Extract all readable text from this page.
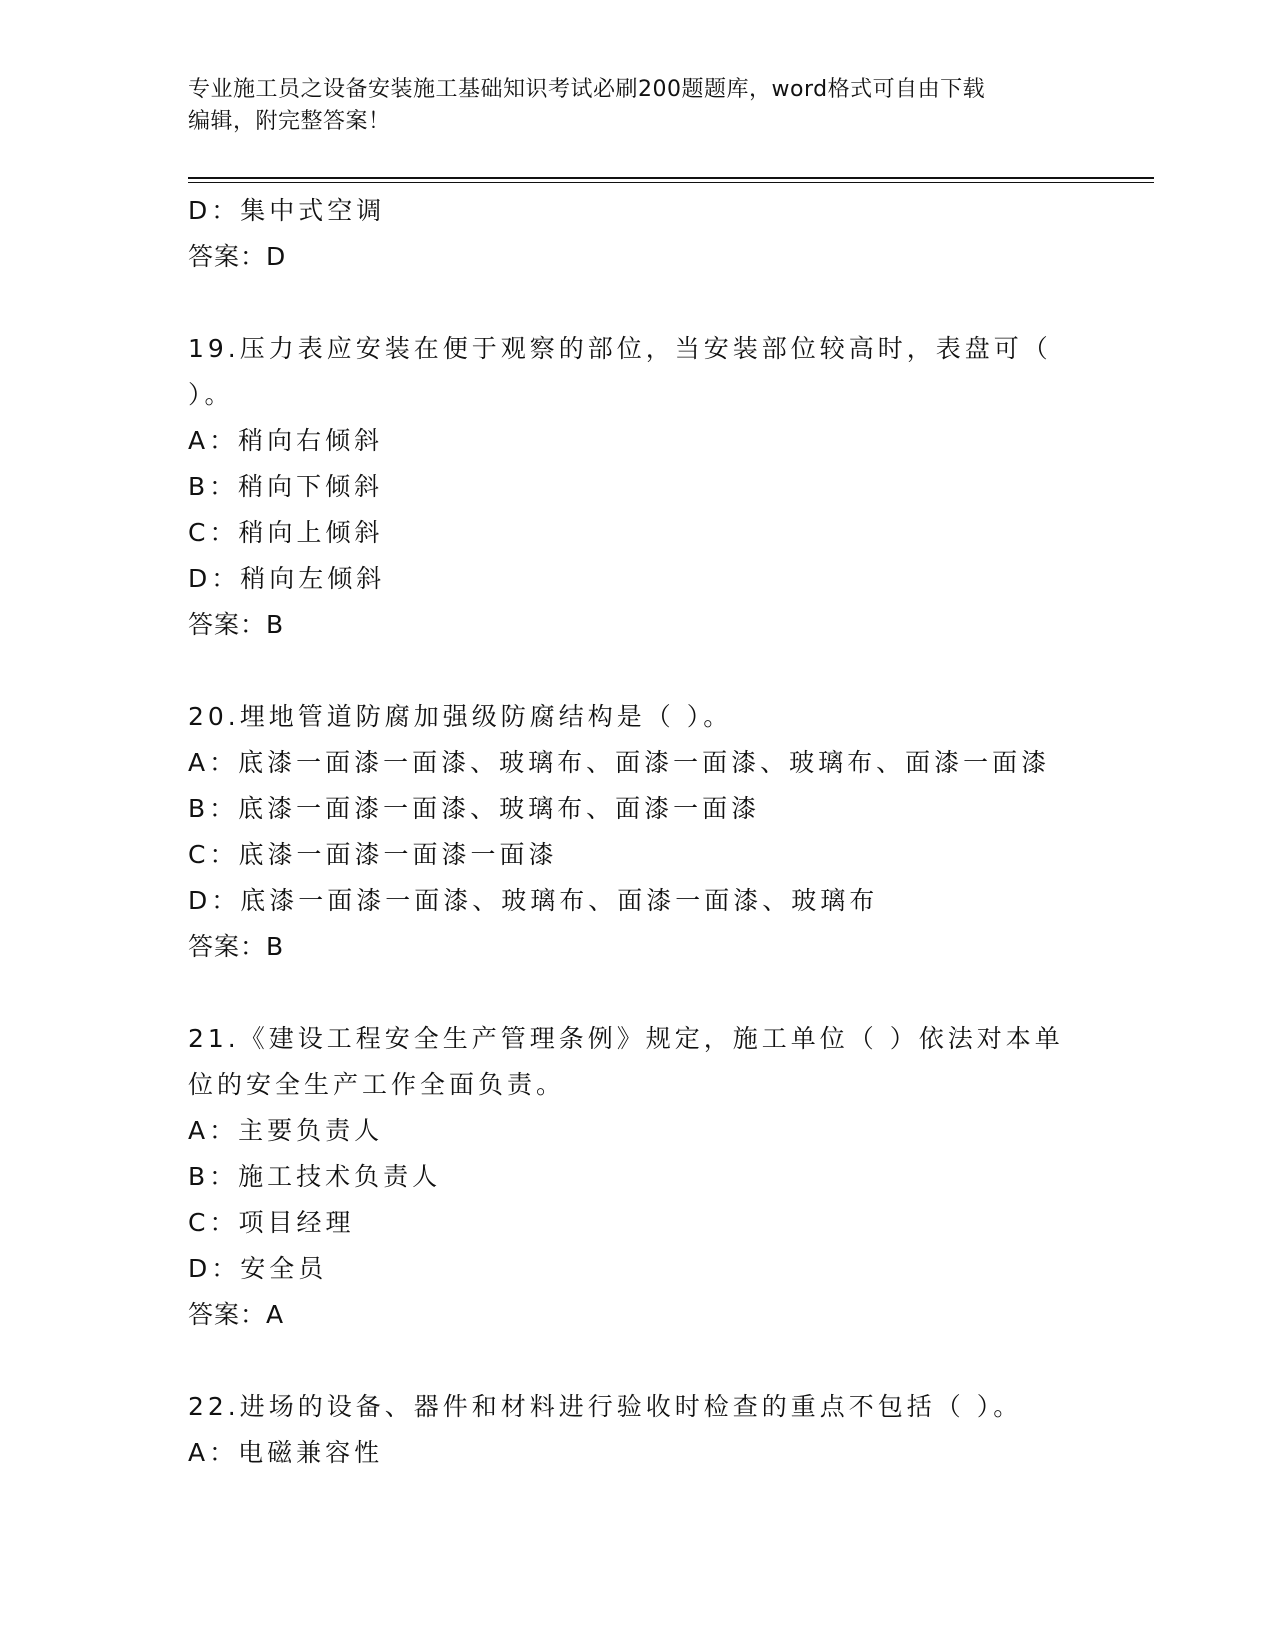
专业施工员之设备安装施工基础知识考试必刷200题题库，word格式可自由下载
编辑，附完整答案！
D：集中式空调
答案：D
19.压力表应安装在便于观察的部位，当安装部位较高时，表盘可（
）。
A：稍向右倾斜
B：稍向下倾斜
C：稍向上倾斜
D：稍向左倾斜
答案：B
20.埋地管道防腐加强级防腐结构是（ ）。
A：底漆一面漆一面漆、玻璃布、面漆一面漆、玻璃布、面漆一面漆
B：底漆一面漆一面漆、玻璃布、面漆一面漆
C：底漆一面漆一面漆一面漆
D：底漆一面漆一面漆、玻璃布、面漆一面漆、玻璃布
答案：B
21.《建设工程安全生产管理条例》规定，施工单位（ ）依法对本单
位的安全生产工作全面负责。
A：主要负责人
B：施工技术负责人
C：项目经理
D：安全员
答案：A
22.进场的设备、器件和材料进行验收时检查的重点不包括（ ）。
A：电磁兼容性
